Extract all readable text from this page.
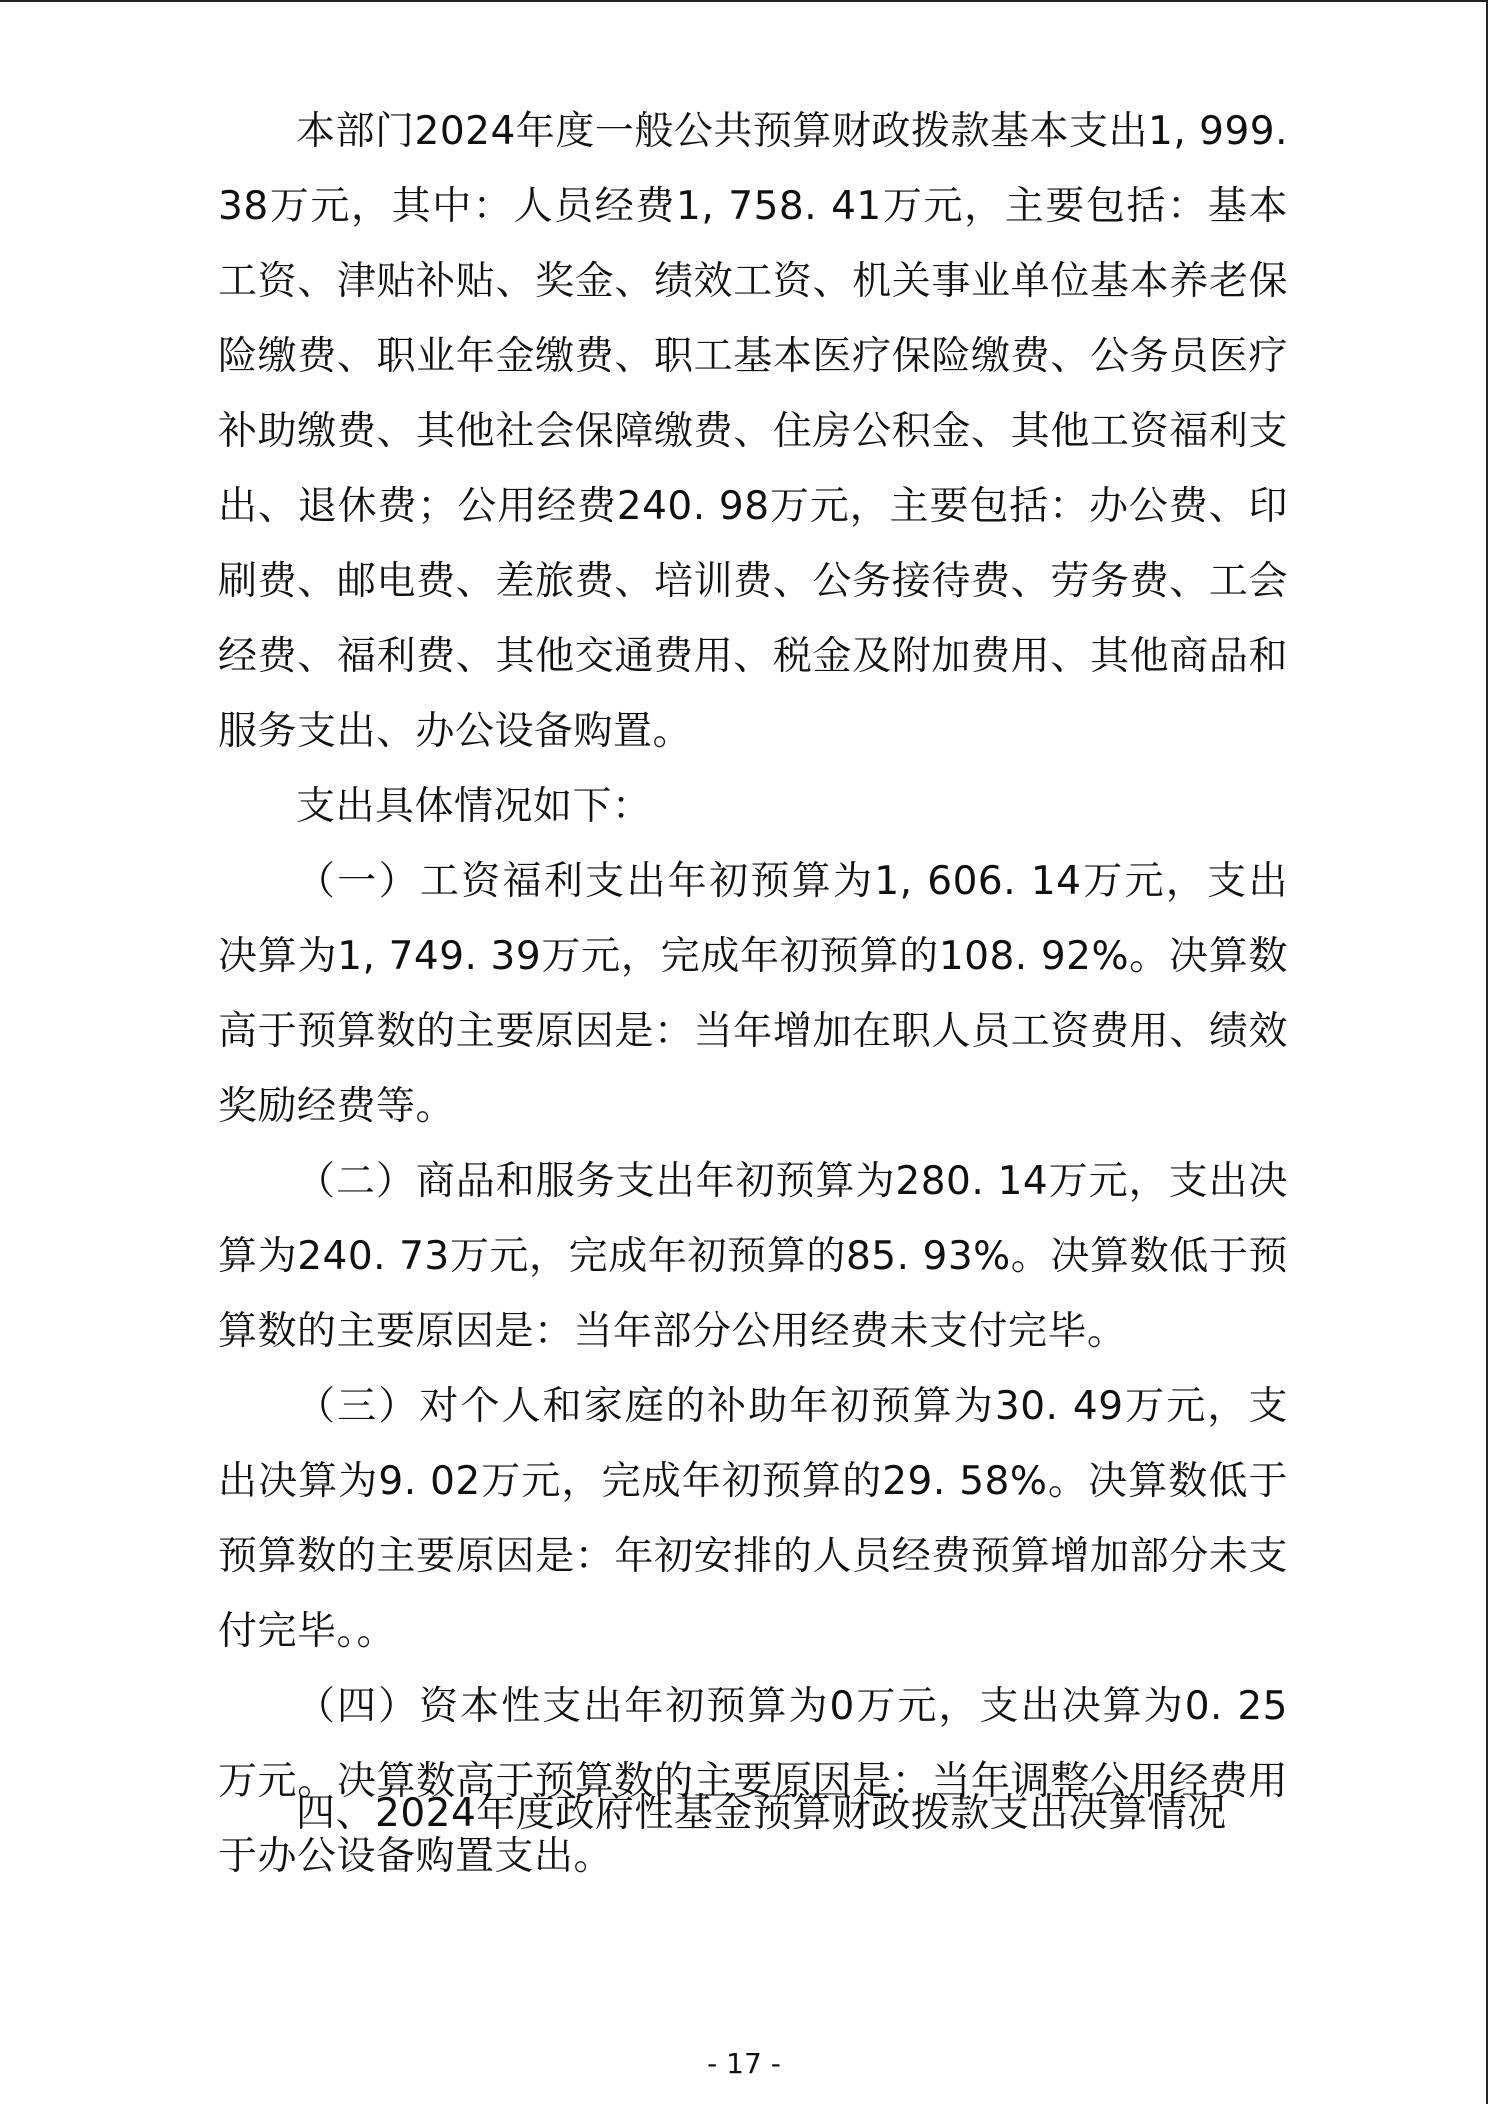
本部门2024年度一般公共预算财政拨款基本支出1, 999. 38万元，其中：人员经费1, 758. 41万元，主要包括：基本工资、津贴补贴、奖金、绩效工资、机关事业单位基本养老保险缴费、职业年金缴费、职工基本医疗保险缴费、公务员医疗补助缴费、其他社会保障缴费、住房公积金、其他工资福利支出、退休费；公用经费240. 98万元，主要包括：办公费、印刷费、邮电费、差旅费、培训费、公务接待费、劳务费、工会经费、福利费、其他交通费用、税金及附加费用、其他商品和服务支出、办公设备购置。

支出具体情况如下：

（一）工资福利支出年初预算为1, 606. 14万元，支出决算为1, 749. 39万元，完成年初预算的108. 92%。决算数高于预算数的主要原因是：当年增加在职人员工资费用、绩效奖励经费等。

（二）商品和服务支出年初预算为280. 14万元，支出决算为240. 73万元，完成年初预算的85. 93%。决算数低于预算数的主要原因是：当年部分公用经费未支付完毕。

（三）对个人和家庭的补助年初预算为30. 49万元，支出决算为9. 02万元，完成年初预算的29. 58%。决算数低于预算数的主要原因是：年初安排的人员经费预算增加部分未支付完毕。。

（四）资本性支出年初预算为0万元，支出决算为0. 25万元。决算数高于预算数的主要原因是：当年调整公用经费用于办公设备购置支出。

四、2024年度政府性基金预算财政拨款支出决算情况
- 17 -
